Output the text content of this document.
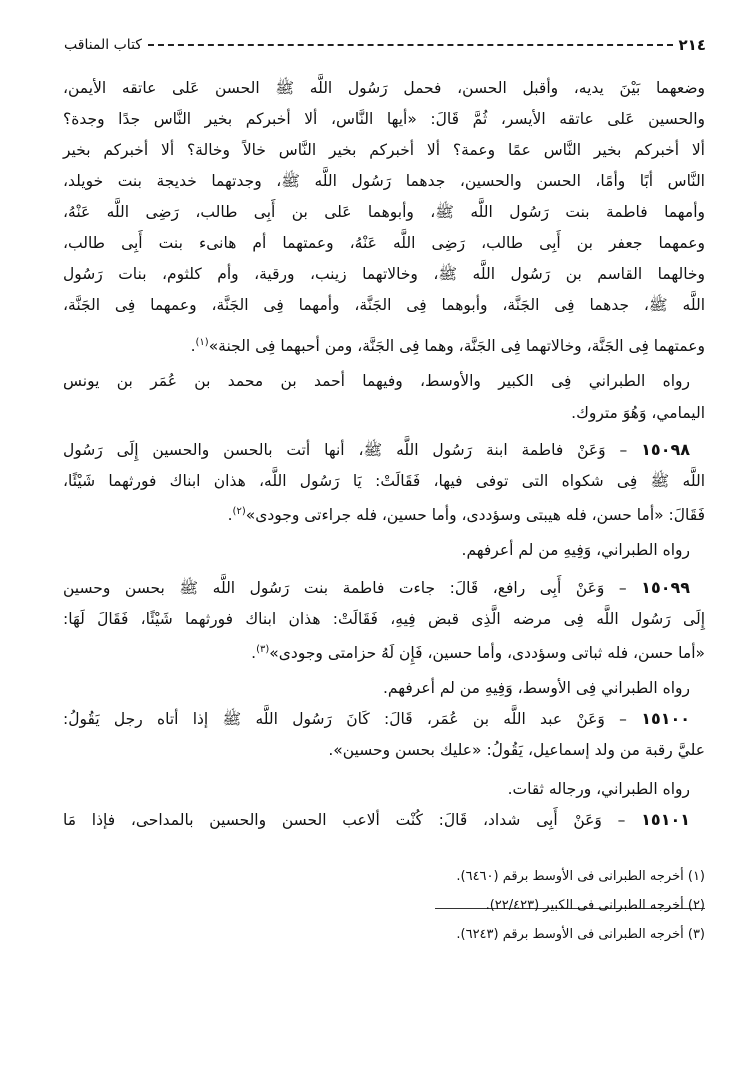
٢١٤
كتاب المناقب
وضعهما بَيْنَ يديه، وأقبل الحسن، فحمل رَسُول اللَّه ﷺ الحسن عَلى عاتقه الأيمن،
والحسين عَلى عاتقه الأيسر، ثُمَّ قَالَ: «أيها النَّاس، ألا أخبركم بخير النَّاس جدًا وجدة؟
ألا أخبركم بخير النَّاس عمًا وعمة؟ ألا أخبركم بخير النَّاس خالاً وخالة؟ ألا أخبركم بخير
النَّاس أبًا وأمًا، الحسن والحسين، جدهما رَسُول اللَّه ﷺ، وجدتهما خديجة بنت خويلد،
وأمهما فاطمة بنت رَسُول اللَّه ﷺ، وأبوهما عَلى بن أَبِى طالب، رَضِى اللَّه عَنْهُ،
وعمهما جعفر بن أَبِى طالب، رَضِى اللَّه عَنْهُ، وعمتهما أم هانىء بنت أَبِى طالب،
وخالهما القاسم بن رَسُول اللَّه ﷺ، وخالاتهما زينب، ورقية، وأم كلثوم، بنات رَسُول
اللَّه ﷺ، جدهما فِى الجَنَّة، وأبوهما فِى الجَنَّة، وأمهما فِى الجَنَّة، وعمهما فِى الجَنَّة،
وعمتهما فِى الجَنَّة، وخالاتهما فِى الجَنَّة، وهما فِى الجَنَّة، ومن أحبهما فِى الجنة»$^{(١)}$.
رواه الطبراني فِى الكبير والأوسط، وفيهما أحمد بن محمد بن عُمَر بن يونس
اليمامي، وَهُوَ متروك.
١٥٠٩٨ – وَعَنْ فاطمة ابنة رَسُول اللَّه ﷺ، أنها أتت بالحسن والحسين إِلَى رَسُول
اللَّه ﷺ فِى شكواه التى توفى فيها، فَقَالَتْ: يَا رَسُول اللَّه، هذان ابناك فورثهما شَيْئًا،
فَقَالَ: «أما حسن، فله هيبتى وسؤددى، وأما حسين، فله جراءتى وجودى»$^{(٢)}$.
رواه الطبراني، وَفِيهِ من لم أعرفهم.
١٥٠٩٩ – وَعَنْ أَبِى رافع، قَالَ: جاءت فاطمة بنت رَسُول اللَّه ﷺ بحسن وحسين
إِلَى رَسُول اللَّه فِى مرضه الَّذِى قبض فِيهِ، فَقَالَتْ: هذان ابناك فورثهما شَيْئًا، فَقَالَ لَهَا:
«أما حسن، فله ثباتى وسؤددى، وأما حسين، فَإِن لَهُ حزامتى وجودى»$^{(٣)}$.
رواه الطبراني فِى الأوسط، وَفِيهِ من لم أعرفهم.
١٥١٠٠ – وَعَنْ عبد اللَّه بن عُمَر، قَالَ: كَانَ رَسُول اللَّه ﷺ إذا أتاه رجل يَقُولُ:
عليَّ رقبة من ولد إسماعيل، يَقُولُ: «عليك بحسن وحسين».
رواه الطبراني، ورجاله ثقات.
١٥١٠١ – وَعَنْ أَبِى شداد، قَالَ: كُنْت ألاعب الحسن والحسين بالمداحى، فإذا مَا
(١) أخرجه الطبرانى فى الأوسط برقم (٦٤٦٠).
(٢) أخرجه الطبرانى فى الكبير (٢٢/٤٢٣).
(٣) أخرجه الطبرانى فى الأوسط برقم (٦٢٤٣).
